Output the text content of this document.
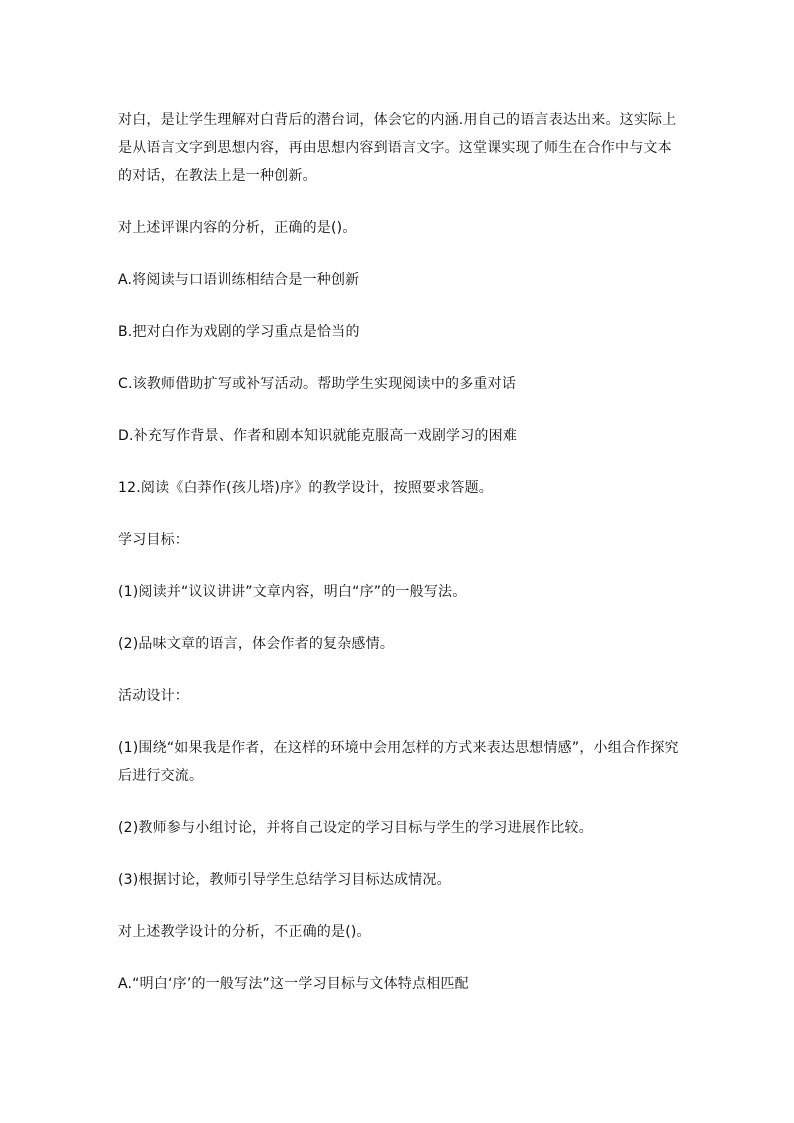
对白，是让学生理解对白背后的潜台词，体会它的内涵.用自己的语言表达出来。这实际上是从语言文字到思想内容，再由思想内容到语言文字。这堂课实现了师生在合作中与文本的对话，在教法上是一种创新。

对上述评课内容的分析，正确的是()。

A.将阅读与口语训练相结合是一种创新

B.把对白作为戏剧的学习重点是恰当的

C.该教师借助扩写或补写活动。帮助学生实现阅读中的多重对话

D.补充写作背景、作者和剧本知识就能克服高一戏剧学习的困难

12.阅读《白莽作(孩儿塔)序》的教学设计，按照要求答题。

学习目标：

(1)阅读并“议议讲讲”文章内容，明白“序”的一般写法。

(2)品味文章的语言，体会作者的复杂感情。

活动设计：

(1)围绕“如果我是作者，在这样的环境中会用怎样的方式来表达思想情感”，小组合作探究后进行交流。

(2)教师参与小组讨论，并将自己设定的学习目标与学生的学习进展作比较。

(3)根据讨论，教师引导学生总结学习目标达成情况。

对上述教学设计的分析，不正确的是()。

A.“明白‘序’的一般写法”这一学习目标与文体特点相匹配
